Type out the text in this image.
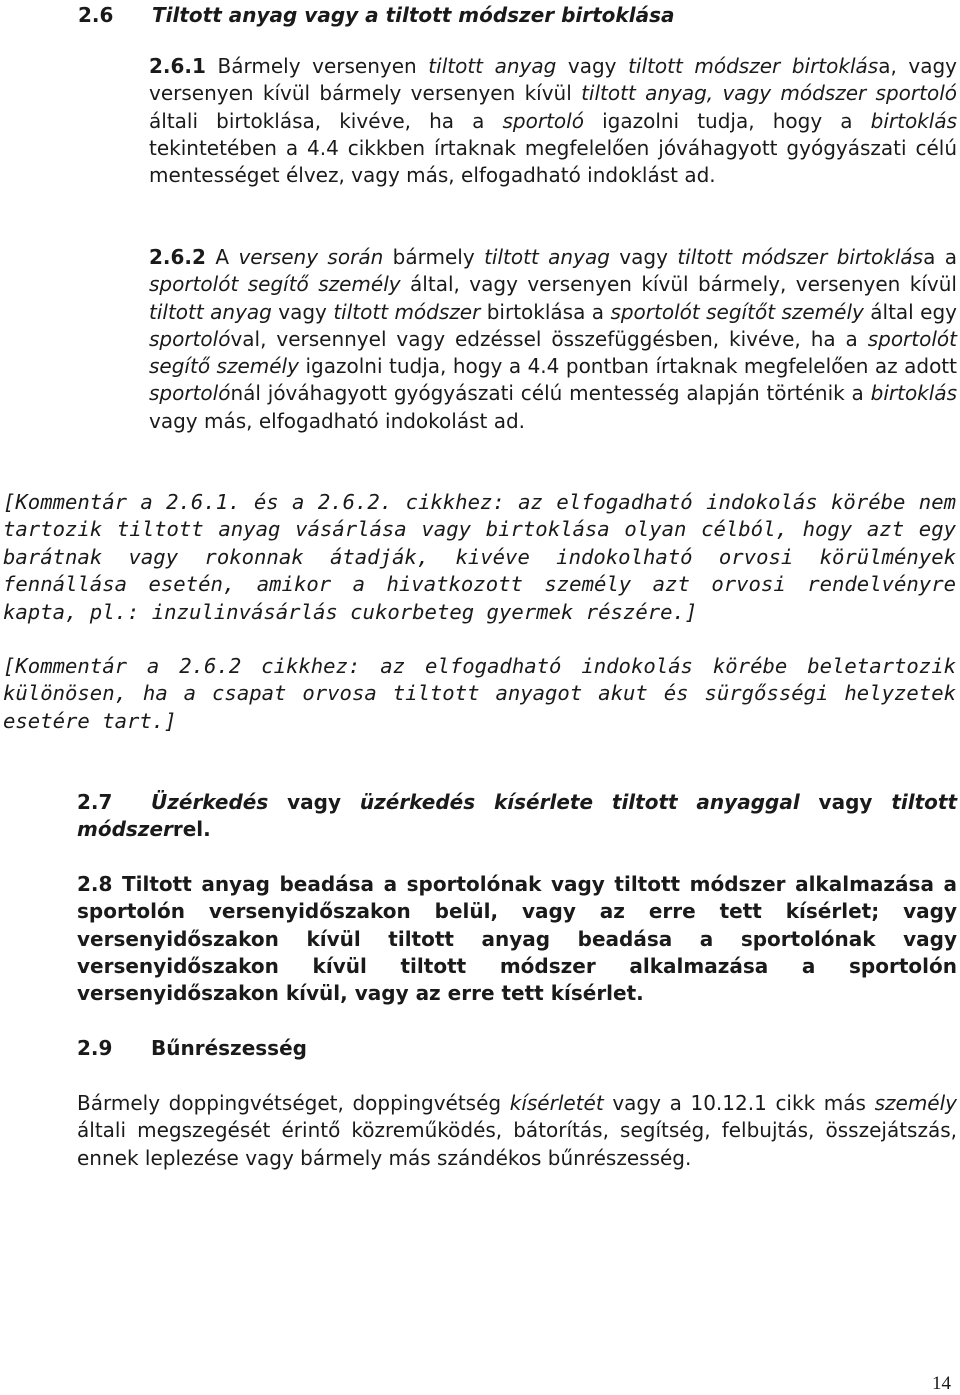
2.6 Tiltott anyag vagy a tiltott módszer birtoklása

2.6.1 Bármely versenyen tiltott anyag vagy tiltott módszer birtoklása, vagy versenyen kívül bármely versenyen kívül tiltott anyag, vagy módszer sportoló általi birtoklása, kivéve, ha a sportoló igazolni tudja, hogy a birtoklás tekintetében a 4.4 cikkben írtaknak megfelelően jóváhagyott gyógyászati célú mentességet élvez, vagy más, elfogadható indoklást ad.

2.6.2 A verseny során bármely tiltott anyag vagy tiltott módszer birtoklása a sportolót segítő személy által, vagy versenyen kívül bármely, versenyen kívül tiltott anyag vagy tiltott módszer birtoklása a sportolót segítőt személy által egy sportolóval, versennyel vagy edzéssel összefüggésben, kivéve, ha a sportolót segítő személy igazolni tudja, hogy a 4.4 pontban írtaknak megfelelően az adott sportolónál jóváhagyott gyógyászati célú mentesség alapján történik a birtoklás vagy más, elfogadható indokolást ad.

[Kommentár a 2.6.1. és a 2.6.2. cikkhez: az elfogadható indokolás körébe nem tartozik tiltott anyag vásárlása vagy birtoklása olyan célból, hogy azt egy barátnak vagy rokonnak átadják, kivéve indokolható orvosi körülmények fennállása esetén, amikor a hivatkozott személy azt orvosi rendelvényre kapta, pl.: inzulinvásárlás cukorbeteg gyermek részére.]

[Kommentár a 2.6.2 cikkhez: az elfogadható indokolás körébe beletartozik különösen, ha a csapat orvosa tiltott anyagot akut és sürgősségi helyzetek esetére tart.]

2.7 Üzérkedés vagy üzérkedés kísérlete tiltott anyaggal vagy tiltott módszerrel.

2.8 Tiltott anyag beadása a sportolónak vagy tiltott módszer alkalmazása a sportolón versenyidőszakon belül, vagy az erre tett kísérlet; vagy versenyidőszakon kívül tiltott anyag beadása a sportolónak vagy versenyidőszakon kívül tiltott módszer alkalmazása a sportolón versenyidőszakon kívül, vagy az erre tett kísérlet.

2.9 Bűnrészesség

Bármely doppingvétséget, doppingvétség kísérletét vagy a 10.12.1 cikk más személy általi megszegését érintő közreműködés, bátorítás, segítség, felbujtás, összejátszás, ennek leplezése vagy bármely más szándékos bűnrészesség.

14
